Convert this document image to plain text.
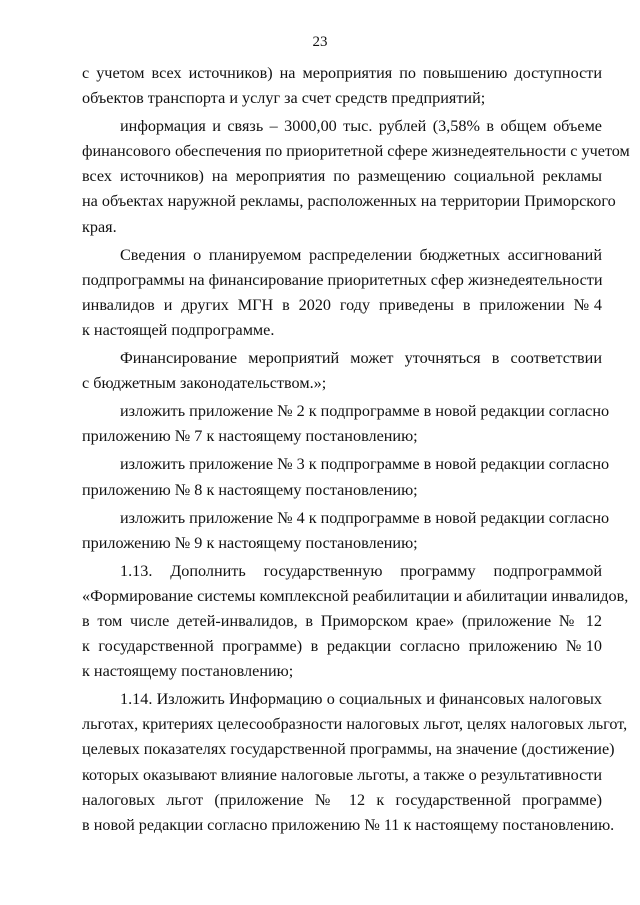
23
с учетом всех источников) на мероприятия по повышению доступности
объектов транспорта и услуг за счет средств предприятий;
информация и связь – 3000,00 тыс. рублей (3,58% в общем объеме
финансового обеспечения по приоритетной сфере жизнедеятельности с учетом
всех источников) на мероприятия по размещению социальной рекламы
на объектах наружной рекламы, расположенных на территории Приморского
края.
Сведения о планируемом распределении бюджетных ассигнований
подпрограммы на финансирование приоритетных сфер жизнедеятельности
инвалидов и других МГН в 2020 году приведены в приложении №4
к настоящей подпрограмме.
Финансирование мероприятий может уточняться в соответствии
с бюджетным законодательством.»;
изложить приложение № 2 к подпрограмме в новой редакции согласно
приложению № 7 к настоящему постановлению;
изложить приложение № 3 к подпрограмме в новой редакции согласно
приложению № 8 к настоящему постановлению;
изложить приложение № 4 к подпрограмме в новой редакции согласно
приложению № 9 к настоящему постановлению;
1.13. Дополнить государственную программу подпрограммой
«Формирование системы комплексной реабилитации и абилитации инвалидов,
в том числе детей-инвалидов, в Приморском крае» (приложение № 12
к государственной программе) в редакции согласно приложению №10
к настоящему постановлению;
1.14. Изложить Информацию о социальных и финансовых налоговых
льготах, критериях целесообразности налоговых льгот, целях налоговых льгот,
целевых показателях государственной программы, на значение (достижение)
которых оказывают влияние налоговые льготы, а также о результативности
налоговых льгот (приложение № 12 к государственной программе)
в новой редакции согласно приложению № 11 к настоящему постановлению.
